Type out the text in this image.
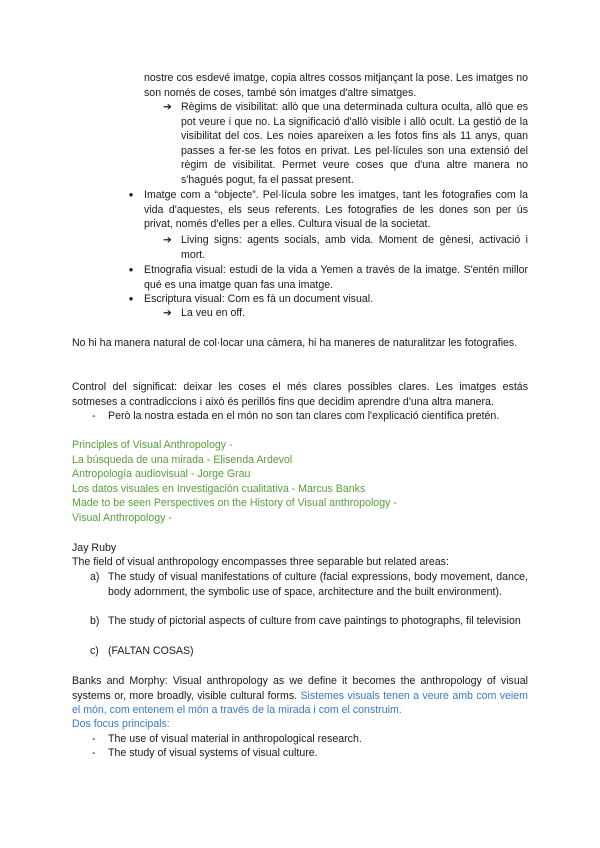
nostre cos esdevé imatge, copia altres cossos mitjançant la pose. Les imatges no son només de coses, també són imatges d'altre simatges.
➔ Règims de visibilitat: allò que una determinada cultura oculta, allò que es pot veure i que no. La significació d'allò visible i allò ocult. La gestió de la visibilitat del cos. Les noies apareixen a les fotos fins als 11 anys, quan passes a fer-se les fotos en privat. Les pel·lícules son una extensió del règim de visibilitat. Permet veure coses que d'una altre manera no s'hagués pogut, fa el passat present.
● Imatge com a “objecte”. Pel·lícula sobre les imatges, tant les fotografies com la vida d'aquestes, els seus referents. Les fotografies de les dones son per ús privat, només d'elles per a elles. Cultura visual de la societat.
➔ Living signs: agents socials, amb vida. Moment de gènesi, activació i mort.
● Etnografia visual: estudi de la vida a Yemen a través de la imatge. S'entén millor qué es una imatge quan fas una imatge.
● Escriptura visual: Com es fà un document visual.
➔ La veu en off.
No hi ha manera natural de col·locar una càmera, hi ha maneres de naturalitzar les fotografies.
Control del significat: deixar les coses el més clares possibles clares. Les imatges estás sotmeses a contradiccions i això és perillós fins que decidim aprendre d'una altra manera.
-	Però la nostra estada en el món no son tan clares com l'explicació científica pretén.
Principles of Visual Anthropology -
La búsqueda de una mirada - Elisenda Ardevol
Antropología audiovisual - Jorge Grau
Los datos visuales en Investigación cualitativa - Marcus Banks
Made to be seen Perspectives on the History of Visual anthropology -
Visual Anthropology -
Jay Ruby
The field of visual anthropology encompasses three separable but related areas:
a) The study of visual manifestations of culture (facial expressions, body movement, dance, body adornment, the symbolic use of space, architecture and the built environment).
b) The study of pictorial aspects of culture from cave paintings to photographs, fil television
c) (FALTAN COSAS)
Banks and Morphy: Visual anthropology as we define it becomes the anthropology of visual systems or, more broadly, visible cultural forms. Sistemes visuals tenen a veure amb com veiem el món, com entenem el món a través de la mirada i com el construim.
Dos focus principals:
-	The use of visual material in anthropological research.
-	The study of visual systems of visual culture.
